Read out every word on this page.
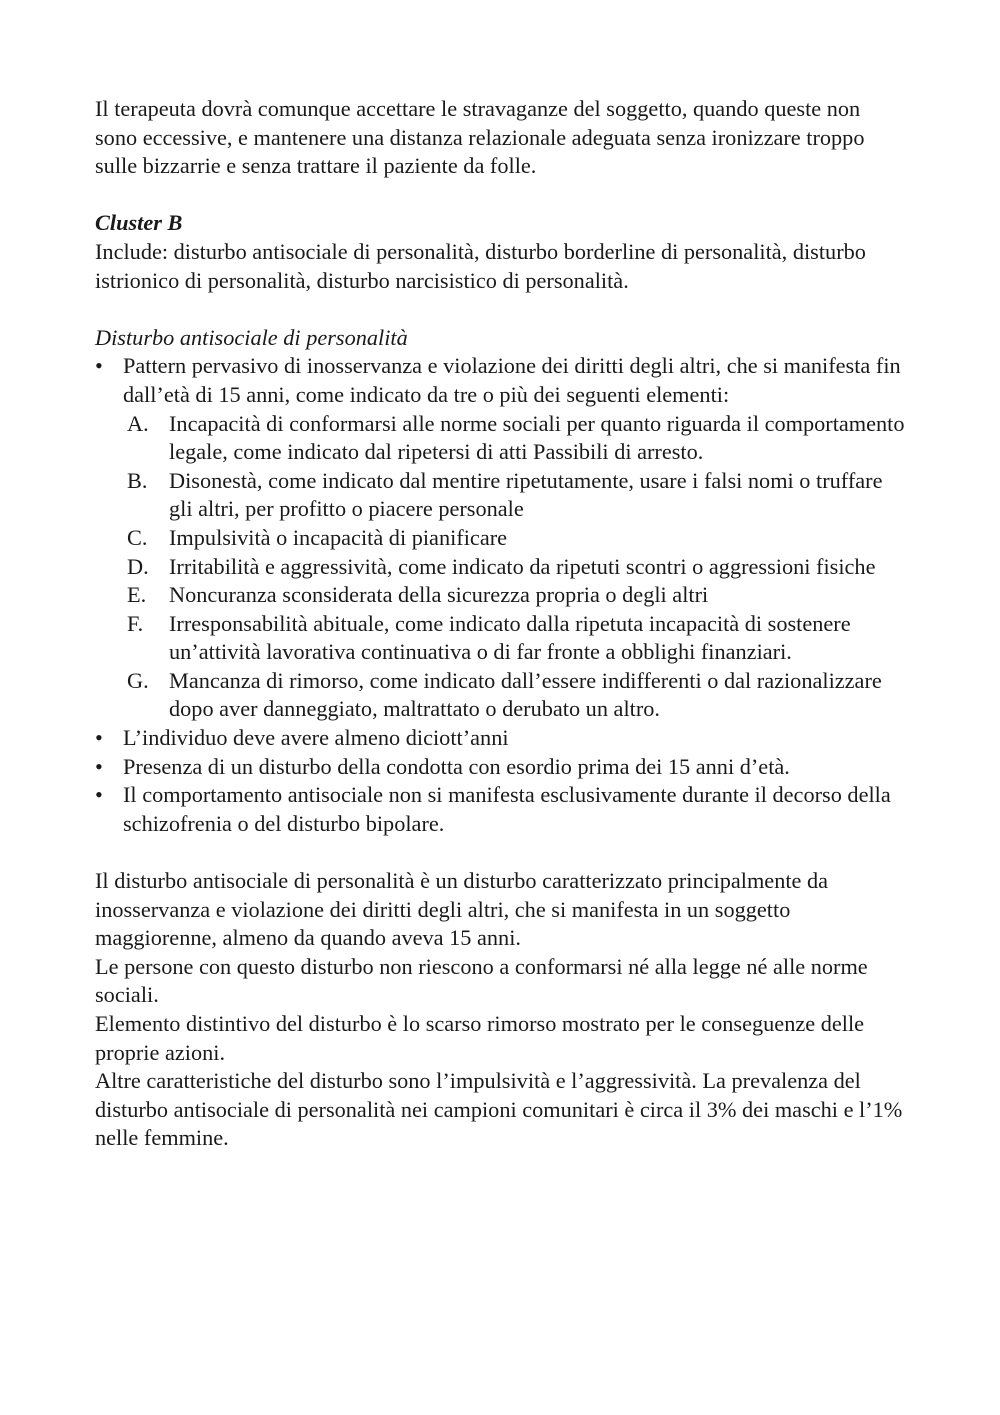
Il terapeuta dovrà comunque accettare le stravaganze del soggetto, quando queste non sono eccessive, e mantenere una distanza relazionale adeguata senza ironizzare troppo sulle bizzarrie e senza trattare il paziente da folle.

Cluster B

Include: disturbo antisociale di personalità, disturbo borderline di personalità, disturbo istrionico di personalità, disturbo narcisistico di personalità.

Disturbo antisociale di personalità

• Pattern pervasivo di inosservanza e violazione dei diritti degli altri, che si manifesta fin dall’età di 15 anni, come indicato da tre o più dei seguenti elementi:
A. Incapacità di conformarsi alle norme sociali per quanto riguarda il comportamento legale, come indicato dal ripetersi di atti Passibili di arresto.
B. Disonestà, come indicato dal mentire ripetutamente, usare i falsi nomi o truffare gli altri, per profitto o piacere personale
C. Impulsività o incapacità di pianificare
D. Irritabilità e aggressività, come indicato da ripetuti scontri o aggressioni fisiche
E. Noncuranza sconsiderata della sicurezza propria o degli altri
F. Irresponsabilità abituale, come indicato dalla ripetuta incapacità di sostenere un’attività lavorativa continuativa o di far fronte a obblighi finanziari.
G. Mancanza di rimorso, come indicato dall’essere indifferenti o dal razionalizzare dopo aver danneggiato, maltrattato o derubato un altro.
• L’individuo deve avere almeno diciott’anni
• Presenza di un disturbo della condotta con esordio prima dei 15 anni d’età.
• Il comportamento antisociale non si manifesta esclusivamente durante il decorso della schizofrenia o del disturbo bipolare.

Il disturbo antisociale di personalità è un disturbo caratterizzato principalmente da inosservanza e violazione dei diritti degli altri, che si manifesta in un soggetto maggiorenne, almeno da quando aveva 15 anni.

Le persone con questo disturbo non riescono a conformarsi né alla legge né alle norme sociali.

Elemento distintivo del disturbo è lo scarso rimorso mostrato per le conseguenze delle proprie azioni.

Altre caratteristiche del disturbo sono l’impulsività e l’aggressività. La prevalenza del disturbo antisociale di personalità nei campioni comunitari è circa il 3% dei maschi e l’1% nelle femmine.
